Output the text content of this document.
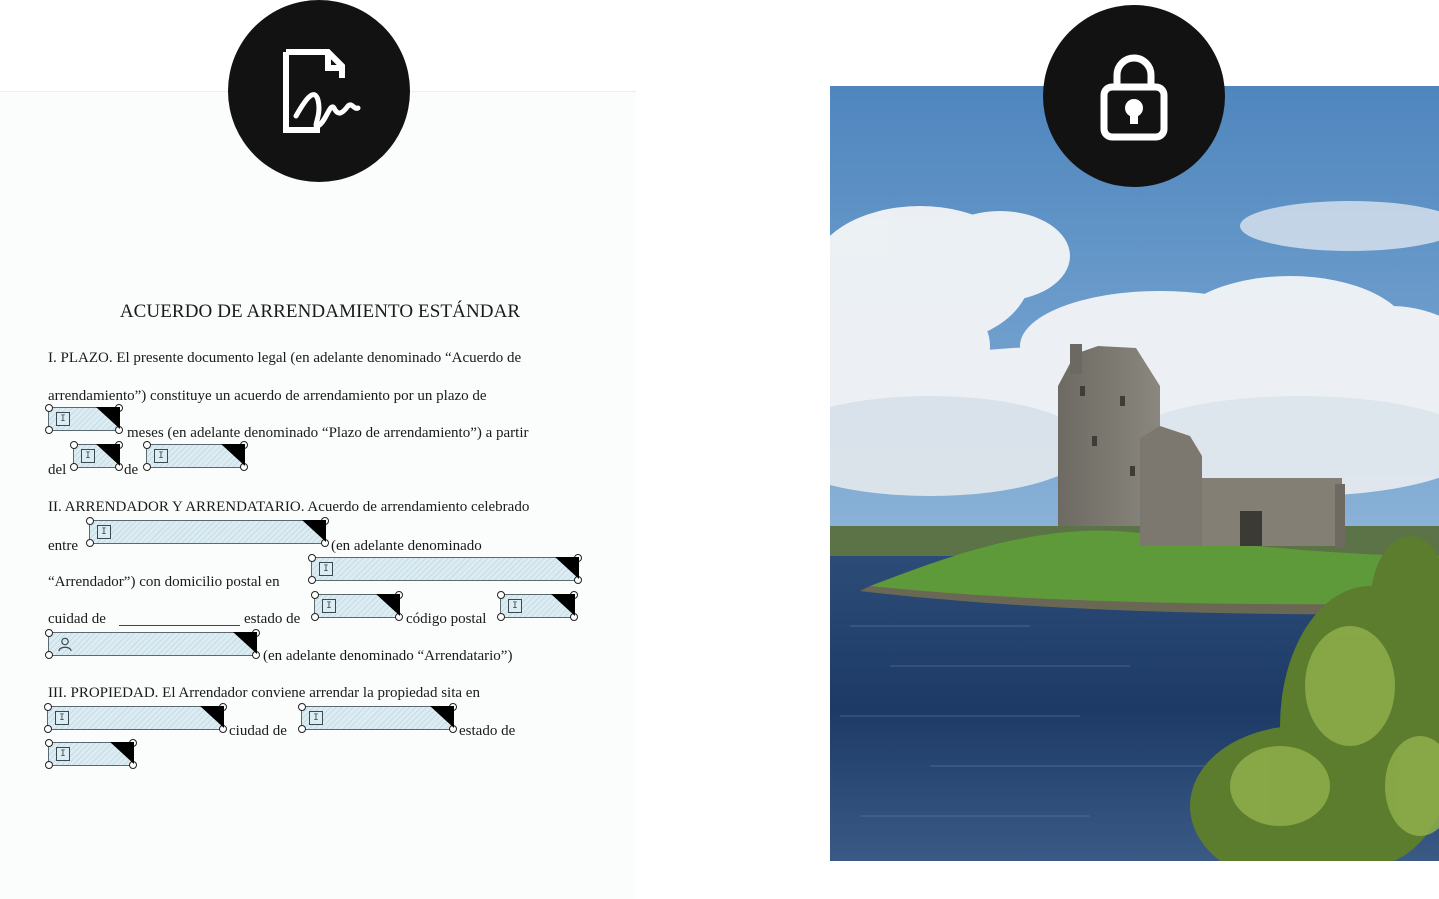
ACUERDO DE ARRENDAMIENTO ESTÁNDAR
I. PLAZO. El presente documento legal (en adelante denominado “Acuerdo de
arrendamiento”) constituye un acuerdo de arrendamiento por un plazo de
I
meses (en adelante denominado “Plazo de arrendamiento”) a partir
del
I
de
I
II. ARRENDADOR Y ARRENDATARIO. Acuerdo de arrendamiento celebrado
entre
I
(en adelante denominado
“Arrendador”) con domicilio postal en
I
cuidad de	estado de
I
código postal
I
(en adelante denominado “Arrendatario”)
III. PROPIEDAD. El Arrendador conviene arrendar la propiedad sita en
I
ciudad de
I
estado de
I
